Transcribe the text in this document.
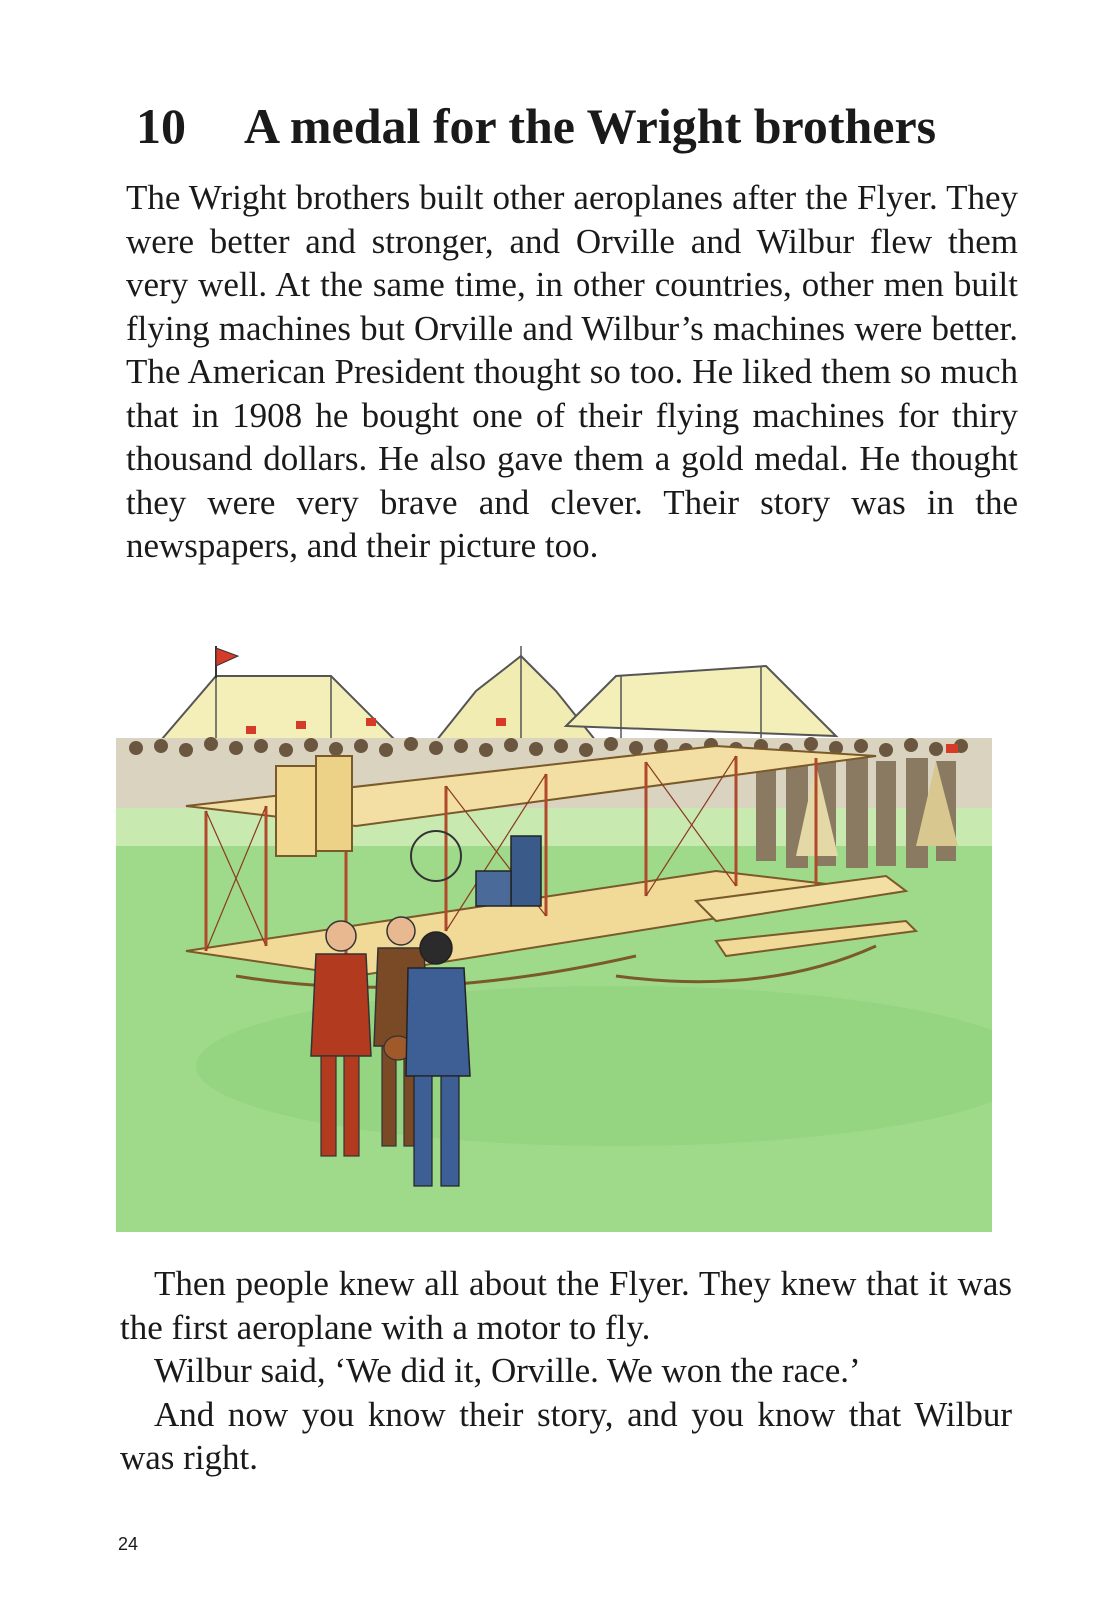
10 A medal for the Wright brothers

The Wright brothers built other aeroplanes after the Flyer. They were better and stronger, and Orville and Wilbur flew them very well. At the same time, in other countries, other men built flying machines but Orville and Wilbur’s machines were better. The American President thought so too. He liked them so much that in 1908 he bought one of their flying machines for thiry thousand dollars. He also gave them a gold medal. He thought they were very brave and clever. Their story was in the newspapers, and their picture too.

Then people knew all about the Flyer. They knew that it was the first aeroplane with a motor to fly.

Wilbur said, ‘We did it, Orville. We won the race.’

And now you know their story, and you know that Wilbur was right.

24
